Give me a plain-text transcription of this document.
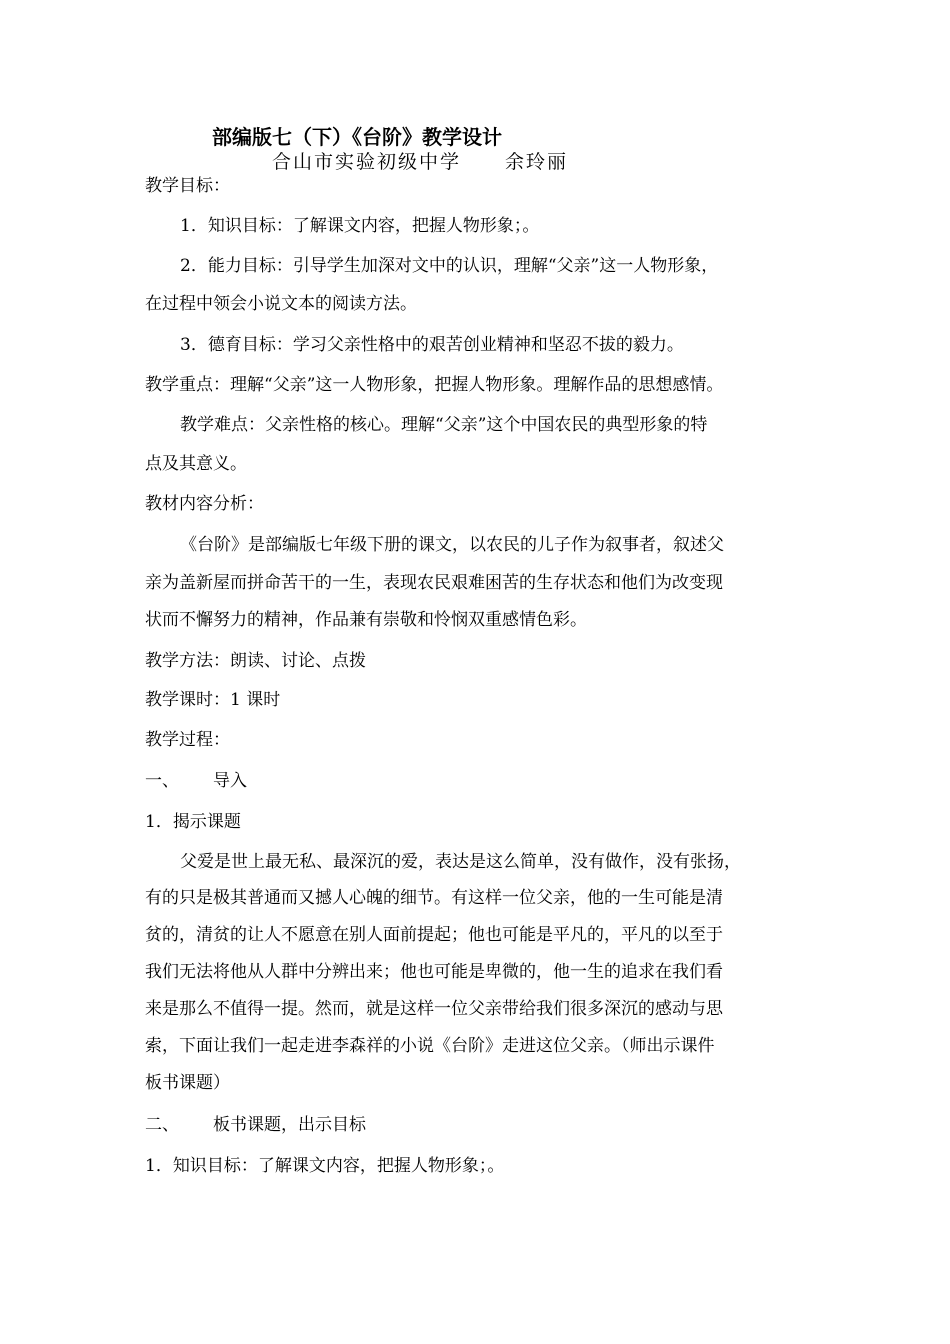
部编版七（下）《台阶》教学设计
合山市实验初级中学 余玲丽
教学目标：
1．知识目标：了解课文内容，把握人物形象；。
2．能力目标：引导学生加深对文中的认识，理解“父亲”这一人物形象，
在过程中领会小说文本的阅读方法。
3．德育目标：学习父亲性格中的艰苦创业精神和坚忍不拔的毅力。
教学重点：理解“父亲”这一人物形象，把握人物形象。理解作品的思想感情。
教学难点：父亲性格的核心。理解“父亲”这个中国农民的典型形象的特
点及其意义。
教材内容分析：
《台阶》是部编版七年级下册的课文，以农民的儿子作为叙事者，叙述父
亲为盖新屋而拼命苦干的一生，表现农民艰难困苦的生存状态和他们为改变现
状而不懈努力的精神，作品兼有崇敬和怜悯双重感情色彩。
教学方法：朗读、讨论、点拨
教学课时：1 课时
教学过程：
一、 导入
1．揭示课题
父爱是世上最无私、最深沉的爱，表达是这么简单，没有做作，没有张扬，
有的只是极其普通而又撼人心魄的细节。有这样一位父亲，他的一生可能是清
贫的，清贫的让人不愿意在别人面前提起；他也可能是平凡的，平凡的以至于
我们无法将他从人群中分辨出来；他也可能是卑微的，他一生的追求在我们看
来是那么不值得一提。然而，就是这样一位父亲带给我们很多深沉的感动与思
索，下面让我们一起走进李森祥的小说《台阶》走进这位父亲。（师出示课件
板书课题）
二、 板书课题，出示目标
1．知识目标：了解课文内容，把握人物形象；。
